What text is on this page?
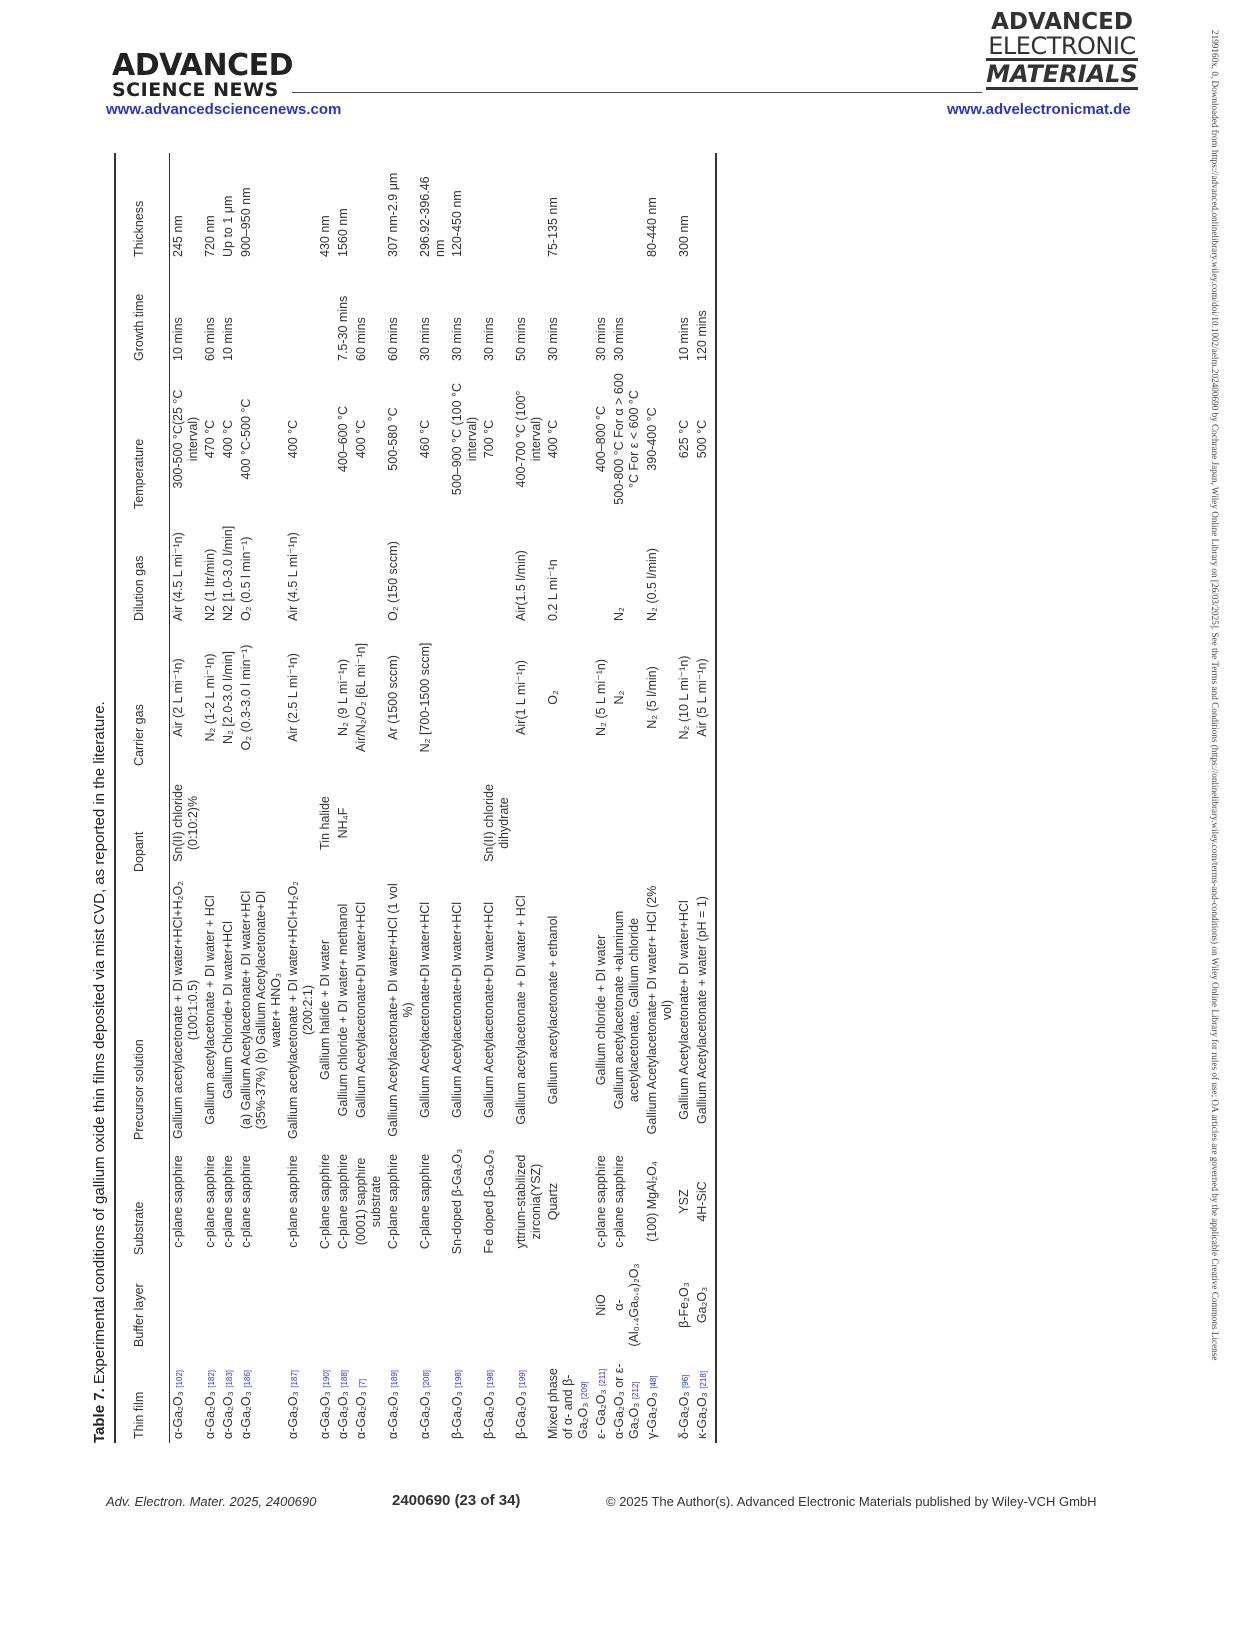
ADVANCED
SCIENCE NEWS
www.advancedsciencenews.com
ADVANCED
ELECTRONIC
MATERIALS
www.advelectronicmat.de	2199160x, 0, Downloaded from https://advanced.onlinelibrary.wiley.com/doi/10.1002/aelm.202400690 by Cochrane Japan, Wiley Online Library on [26/03/2025]. See the Terms and Conditions (https://onlinelibrary.wiley.com/terms-and-conditions) on Wiley Online Library for rules of use; OA articles are governed by the applicable Creative Commons License
Table 7. Experimental conditions of gallium oxide thin films deposited via mist CVD, as reported in the literature.
Thin film	Buffer layer	Substrate	Precursor solution	Dopant	Carrier gas	Dilution gas	Temperature	Growth time	Thickness
α-Ga₂O₃ [102]		c-plane sapphire	Gallium acetylacetonate + DI water+HCl+H₂O₂ (100:1:0.5)	Sn(II) chloride (0:10:2)%	Air (2 L mi⁻¹n)	Air (4.5 L mi⁻¹n)	300-500 °C(25 °C interval)	10 mins	245 nm
α-Ga₂O₃ [182]		c-plane sapphire	Gallium acetylacetonate + DI water + HCl		N₂ (1-2 L mi⁻¹n)	N2 (1 ltr/min)	470 °C	60 mins	720 nm
α-Ga₂O₃ [183]		c-plane sapphire	Gallium Chloride+ DI water+HCl		N₂ [2.0-3.0 l/min]	N2 [1.0-3.0 l/min]	400 °C	10 mins	Up to 1 μm
α-Ga₂O₃ [186]		c-plane sapphire	(a) Gallium Acetylacetonate+ DI water+HCl (35%-37%) (b) Gallium Acetylacetonate+DI water+ HNO₃		O₂ (0.3-3.0 l min⁻¹)	O₂ (0.5 l min⁻¹)	400 °C-500 °C		900–950 nm
α-Ga₂O₃ [187]		c-plane sapphire	Gallium acetylacetonate + DI water+HCl+H₂O₂ (200:2:1)		Air (2.5 L mi⁻¹n)	Air (4.5 L mi⁻¹n)	400 °C		
α-Ga₂O₃ [190]		C-plane sapphire	Gallium halide + DI water	Tin halide					430 nm
α-Ga₂O₃ [188]		C-plane sapphire	Gallium chloride + DI water+ methanol	NH₄F	N₂ (9 L mi⁻¹n)		400–600 °C	7.5-30 mins	1560 nm
α-Ga₂O₃ [7]		(0001) sapphire substrate	Gallium Acetylacetonate+DI water+HCl		Air/N₂/O₂ [6L mi⁻¹n]		400 °C	60 mins	
α-Ga₂O₃ [189]		C-plane sapphire	Gallium Acetylacetonate+ DI water+HCl (1 vol %)		Ar (1500 sccm)	O₂ (150 sccm)	500-580 °C	60 mins	307 nm-2.9 μm
α-Ga₂O₃ [208]		C-plane sapphire	Gallium Acetylacetonate+DI water+HCl		N₂ [700-1500 sccm]		460 °C	30 mins	296.92-396.46 nm
β-Ga₂O₃ [198]		Sn-doped β-Ga₂O₃	Gallium Acetylacetonate+DI water+HCl				500–900 °C (100 °C interval)	30 mins	120-450 nm
β-Ga₂O₃ [198]		Fe doped β-Ga₂O₃	Gallium Acetylacetonate+DI water+HCl	Sn(II) chloride dihydrate			700 °C	30 mins	
β-Ga₂O₃ [199]		yttrium-stabilized zirconia(YSZ)	Gallium acetylacetonate + DI water + HCl		Air(1 L mi⁻¹n)	Air(1.5 l/min)	400-700 °C (100° interval)	50 mins	
Mixed phase of α- and β-Ga₂O₃ [209]		Quartz	Gallium acetylacetonate + ethanol		O₂	0.2 L mi⁻¹n	400 °C	30 mins	75-135 nm
ε- Ga₂O₃ [211]	NiO	c-plane sapphire	Gallium chloride + DI water		N₂ (5 L mi⁻¹n)		400–800 °C	30 mins	
α-Ga₂O₃ or ε-Ga₂O₃ [212]	α-(Al₀.₄Ga₀.₆)₂O₃	c-plane sapphire	Gallium acetylacetonate +aluminum acetylacetonate, Gallium chloride		N₂	N₂	500-800 °C For α > 600 °C For ε < 600 °C	30 mins	
γ-Ga₂O₃ [48]		(100) MgAl₂O₄	Gallium Acetylacetonate+ DI water+ HCl (2% vol)		N₂ (5 l/min)	N₂ (0.5 l/min)	390-400 °C		80-440 nm
δ-Ga₂O₃ [96]	β-Fe₂O₃	YSZ	Gallium Acetylacetonate+ DI water+HCl		N₂ (10 L mi⁻¹n)		625 °C	10 mins	300 nm
κ-Ga₂O₃ [218]	Ga₂O₃	4H-SiC	Gallium Acetylacetonate + water (pH = 1)		Air (5 L mi⁻¹n)		500 °C	120 mins	
Adv. Electron. Mater. 2025, 2400690	2400690 (23 of 34)	© 2025 The Author(s). Advanced Electronic Materials published by Wiley-VCH GmbH
